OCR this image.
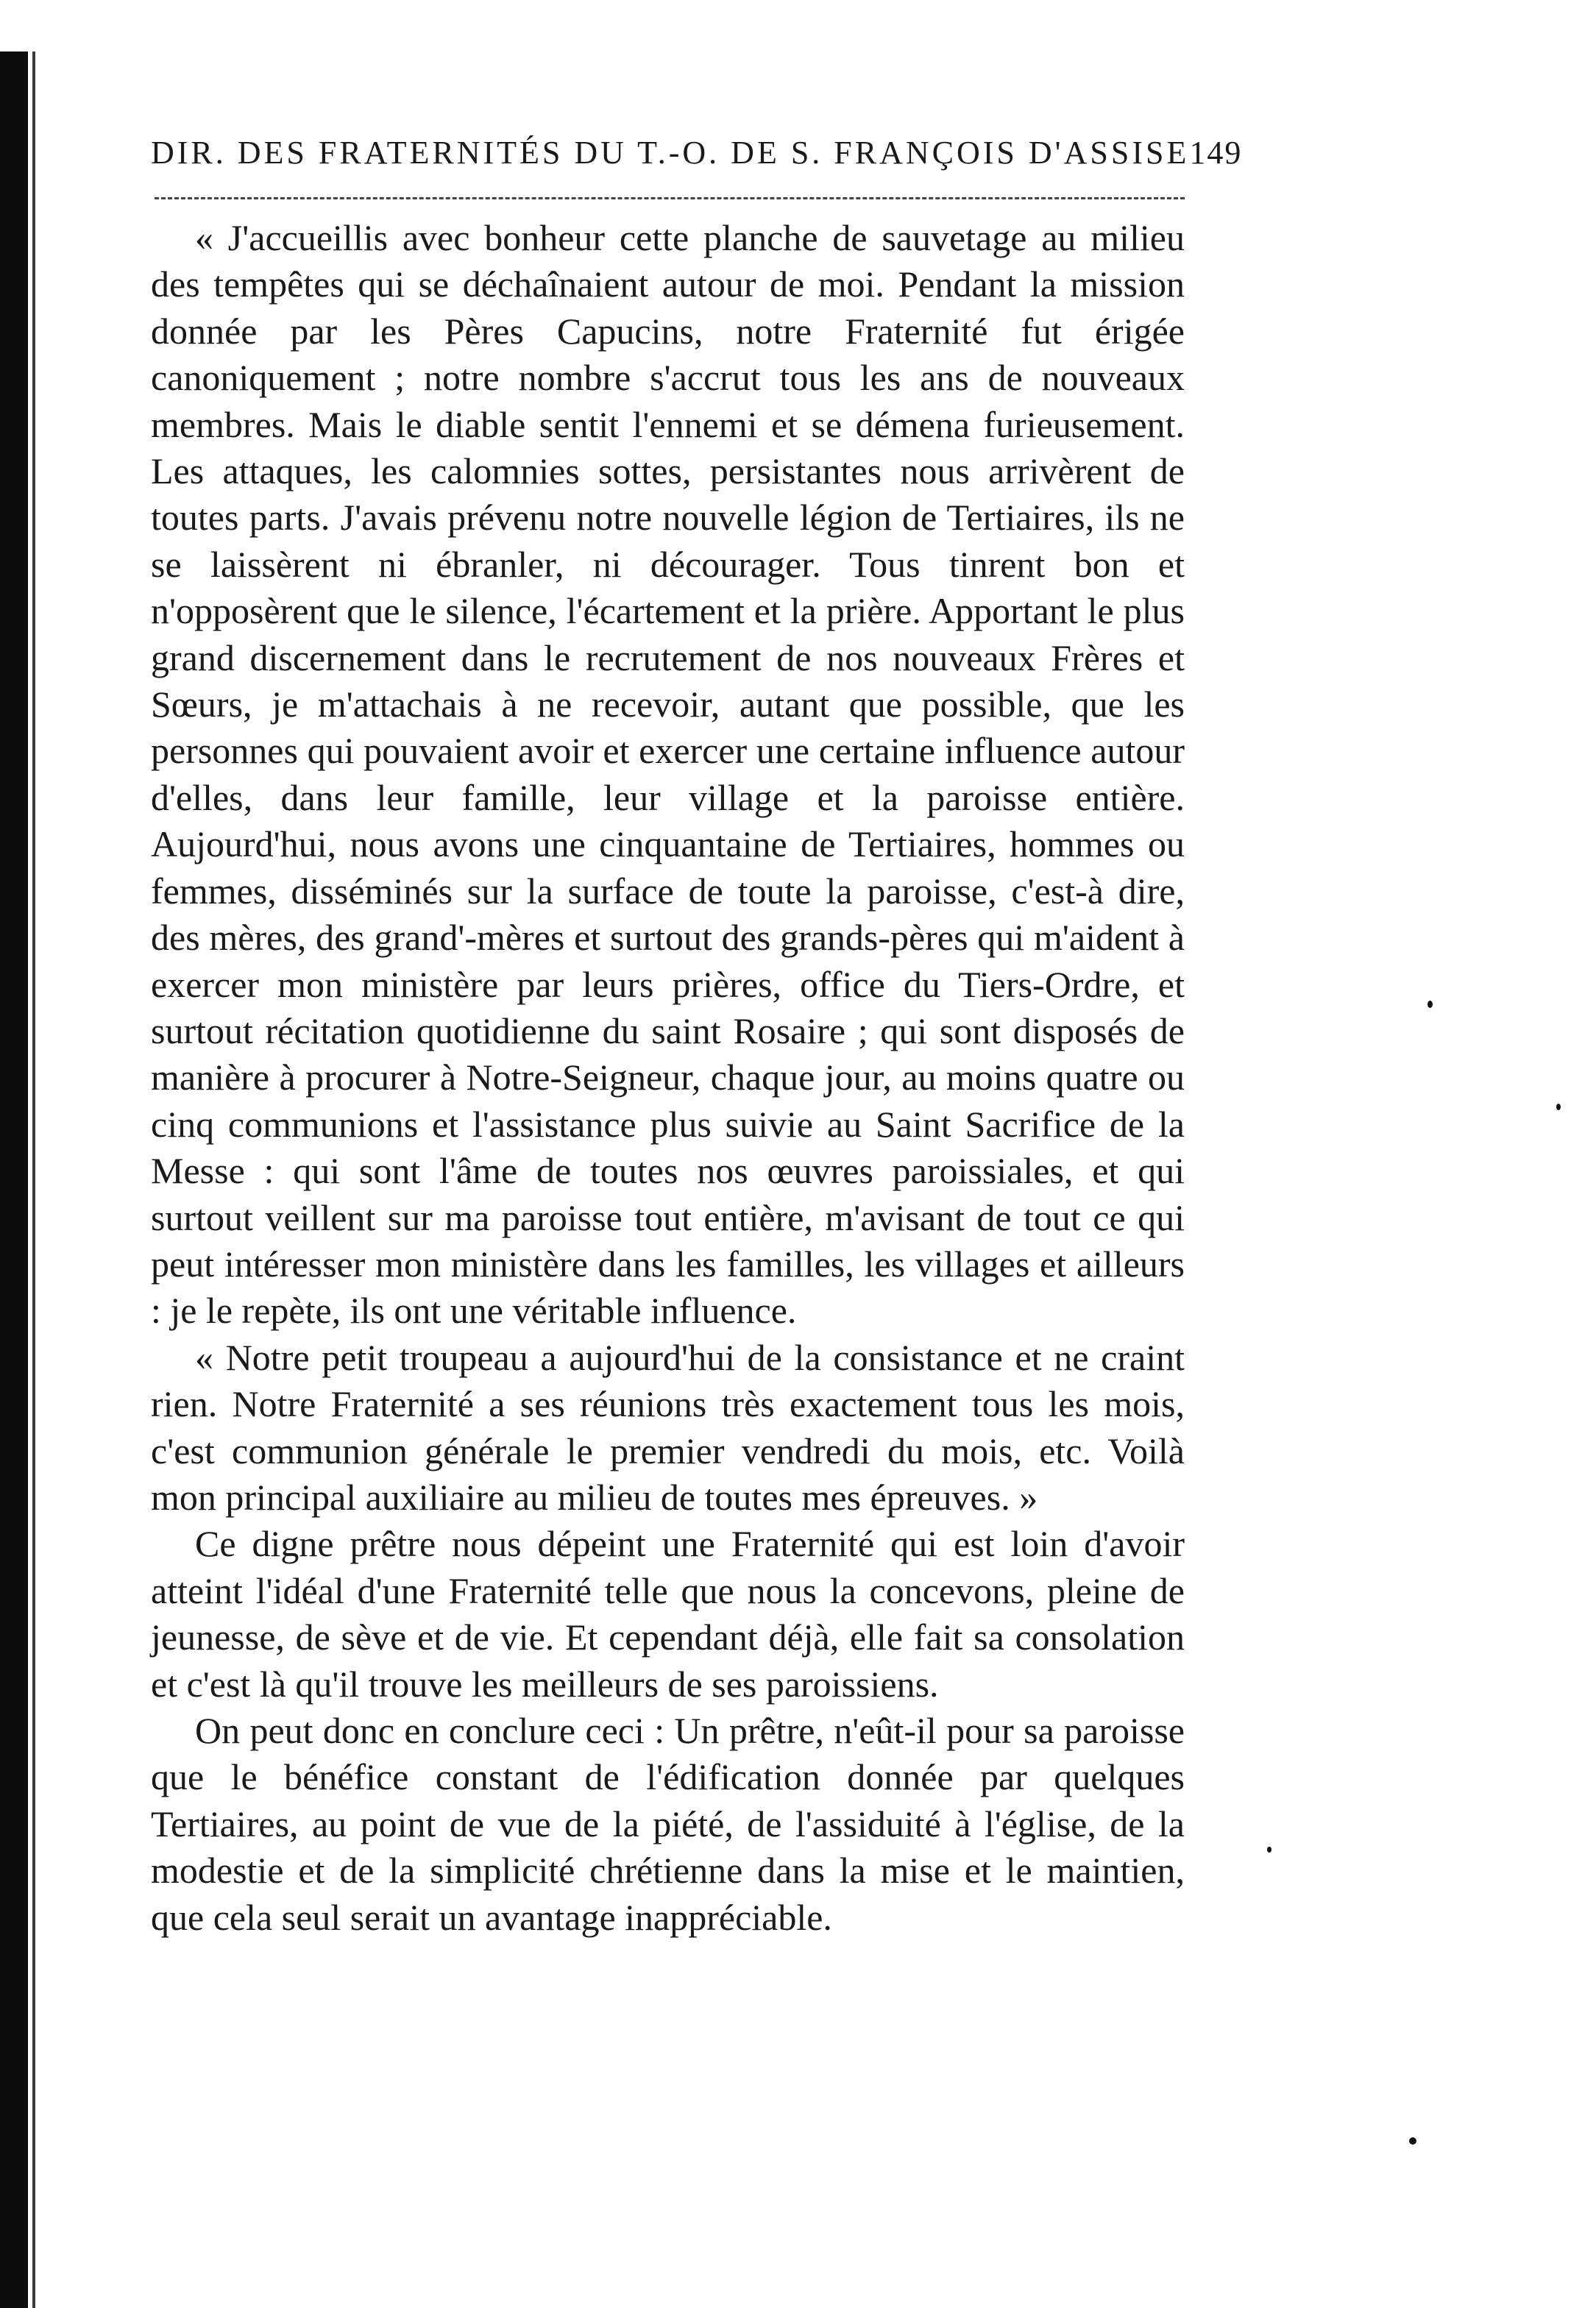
DIR. DES FRATERNITÉS DU T.-O. DE S. FRANÇOIS D'ASSISE 149

« J'accueillis avec bonheur cette planche de sauvetage au milieu des tempêtes qui se déchaînaient autour de moi. Pendant la mission donnée par les Pères Capucins, notre Fraternité fut érigée canoniquement ; notre nombre s'accrut tous les ans de nouveaux membres. Mais le diable sentit l'ennemi et se démena furieusement. Les attaques, les calomnies sottes, persistantes nous arrivèrent de toutes parts. J'avais prévenu notre nouvelle légion de Tertiaires, ils ne se laissèrent ni ébranler, ni décourager. Tous tinrent bon et n'opposèrent que le silence, l'écartement et la prière. Apportant le plus grand discernement dans le recrutement de nos nouveaux Frères et Sœurs, je m'attachais à ne recevoir, autant que possible, que les personnes qui pouvaient avoir et exercer une certaine influence autour d'elles, dans leur famille, leur village et la paroisse entière. Aujourd'hui, nous avons une cinquantaine de Tertiaires, hommes ou femmes, disséminés sur la surface de toute la paroisse, c'est-à dire, des mères, des grand'-mères et surtout des grands-pères qui m'aident à exercer mon ministère par leurs prières, office du Tiers-Ordre, et surtout récitation quotidienne du saint Rosaire ; qui sont disposés de manière à procurer à Notre-Seigneur, chaque jour, au moins quatre ou cinq communions et l'assistance plus suivie au Saint Sacrifice de la Messe : qui sont l'âme de toutes nos œuvres paroissiales, et qui surtout veillent sur ma paroisse tout entière, m'avisant de tout ce qui peut intéresser mon ministère dans les familles, les villages et ailleurs : je le repète, ils ont une véritable influence.

« Notre petit troupeau a aujourd'hui de la consistance et ne craint rien. Notre Fraternité a ses réunions très exactement tous les mois, c'est communion générale le premier vendredi du mois, etc. Voilà mon principal auxiliaire au milieu de toutes mes épreuves. »

Ce digne prêtre nous dépeint une Fraternité qui est loin d'avoir atteint l'idéal d'une Fraternité telle que nous la concevons, pleine de jeunesse, de sève et de vie. Et cependant déjà, elle fait sa consolation et c'est là qu'il trouve les meilleurs de ses paroissiens.

On peut donc en conclure ceci : Un prêtre, n'eût-il pour sa paroisse que le bénéfice constant de l'édification donnée par quelques Tertiaires, au point de vue de la piété, de l'assiduité à l'église, de la modestie et de la simplicité chrétienne dans la mise et le maintien, que cela seul serait un avantage inappréciable.
